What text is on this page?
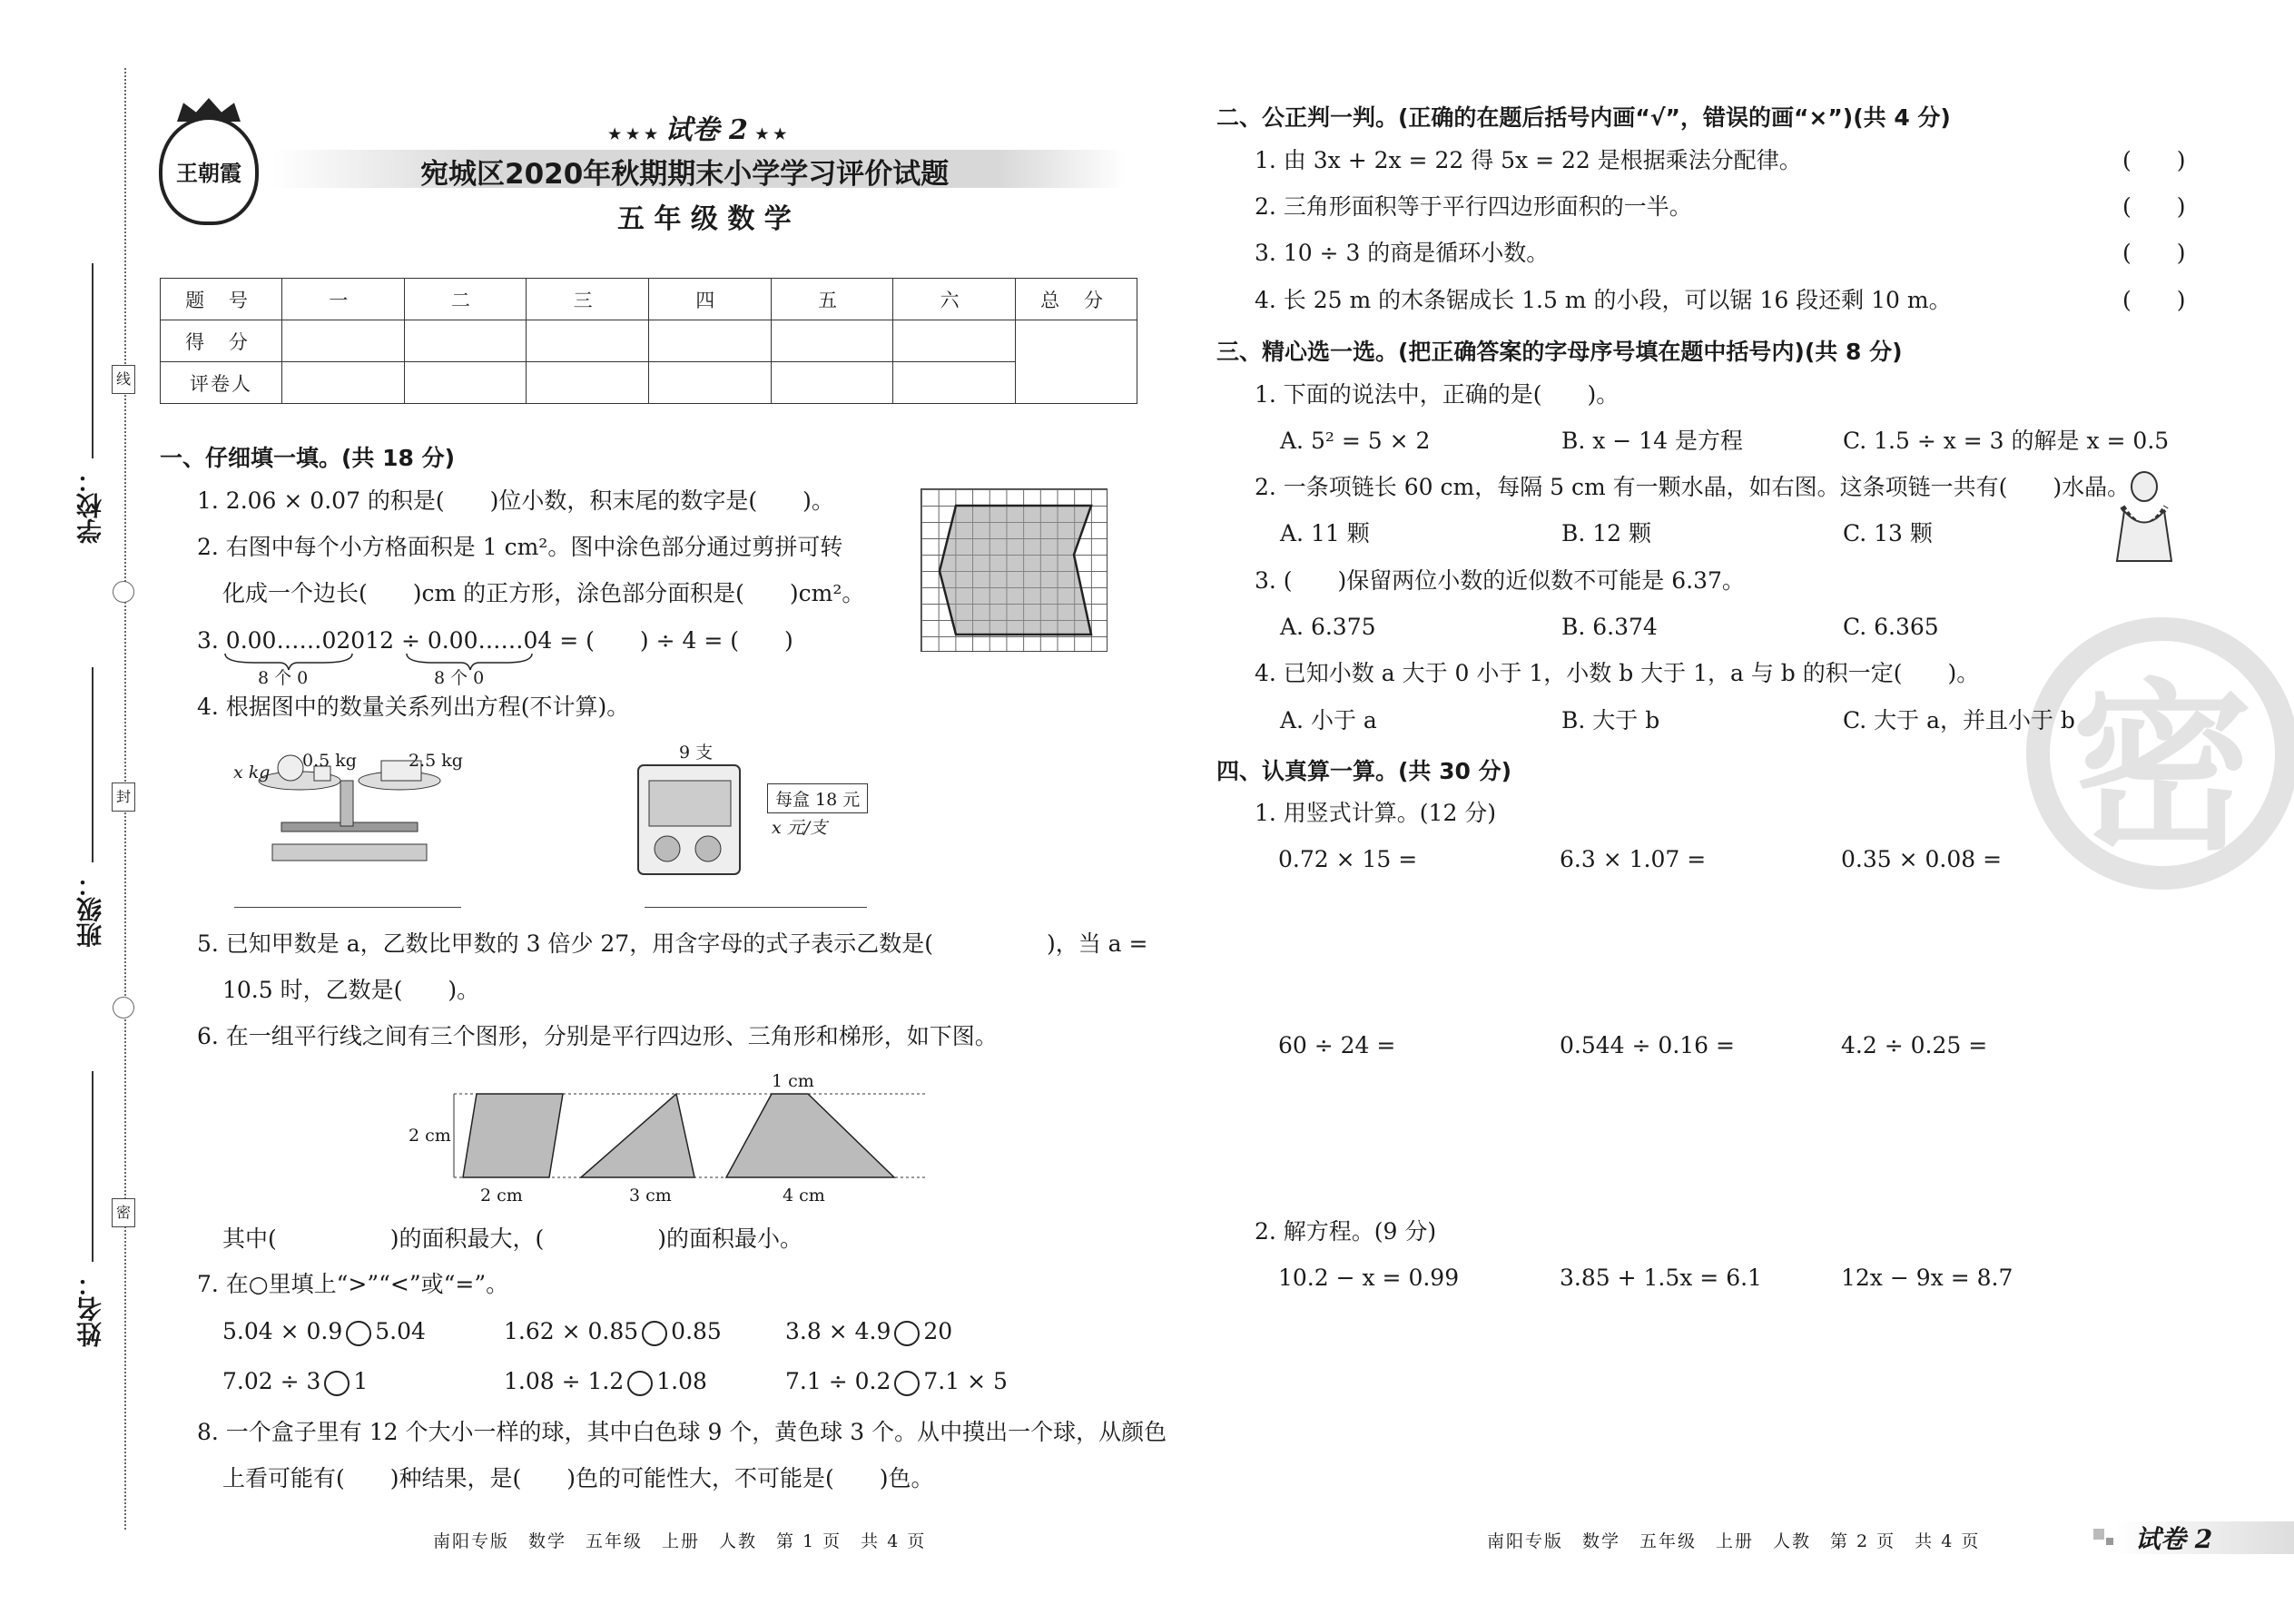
线
封
密
学校：
班级：
姓名：
王朝霞
★ ★ ★ 试卷 2 ★ ★
宛城区2020年秋期期末小学学习评价试题
五 年 级 数 学
题 号	一	二	三	四	五	六	总 分
得 分							
评卷人							
一、仔细填一填。(共 18 分)
1. 2.06 × 0.07 的积是(　　)位小数，积末尾的数字是(　　)。
2. 右图中每个小方格面积是 1 cm²。图中涂色部分通过剪拼可转
化成一个边长(　　)cm 的正方形，涂色部分面积是(　　)cm²。
3. 0.00……02012 ÷ 0.00……04 = (　　) ÷ 4 = (　　)
8 个 0	8 个 0
4. 根据图中的数量关系列出方程(不计算)。
x kg
0.5 kg	2.5 kg	9 支
每盒 18 元
x 元/支
5. 已知甲数是 a，乙数比甲数的 3 倍少 27，用含字母的式子表示乙数是(　　　　　)，当 a =
10.5 时，乙数是(　　)。
6. 在一组平行线之间有三个图形，分别是平行四边形、三角形和梯形，如下图。
2 cm
1 cm
2 cm	3 cm	4 cm
其中(　　　　　)的面积最大，(　　　　　)的面积最小。
7. 在○里填上“>”“<”或“=”。
5.04 × 0.9 5.04	1.62 × 0.85 0.85	3.8 × 4.9 20
7.02 ÷ 3 1	1.08 ÷ 1.2 1.08	7.1 ÷ 0.2 7.1 × 5
8. 一个盒子里有 12 个大小一样的球，其中白色球 9 个，黄色球 3 个。从中摸出一个球，从颜色
上看可能有(　　)种结果，是(　　)色的可能性大，不可能是(　　)色。
南阳专版　数学　五年级　上册　人教　第 1 页　共 4 页
密
二、公正判一判。(正确的在题后括号内画“√”，错误的画“×”)(共 4 分)
1. 由 3x + 2x = 22 得 5x = 22 是根据乘法分配律。
2. 三角形面积等于平行四边形面积的一半。
3. 10 ÷ 3 的商是循环小数。
4. 长 25 m 的木条锯成长 1.5 m 的小段，可以锯 16 段还剩 10 m。
(　　)
(　　)
(　　)
(　　)
三、精心选一选。(把正确答案的字母序号填在题中括号内)(共 8 分)
1. 下面的说法中，正确的是(　　)。
A. 5² = 5 × 2	B. x − 14 是方程	C. 1.5 ÷ x = 3 的解是 x = 0.5
2. 一条项链长 60 cm，每隔 5 cm 有一颗水晶，如右图。这条项链一共有(　　)水晶。
A. 11 颗	B. 12 颗	C. 13 颗
3. (　　)保留两位小数的近似数不可能是 6.37。
A. 6.375	B. 6.374	C. 6.365
4. 已知小数 a 大于 0 小于 1，小数 b 大于 1，a 与 b 的积一定(　　)。
A. 小于 a	B. 大于 b	C. 大于 a，并且小于 b
四、认真算一算。(共 30 分)
1. 用竖式计算。(12 分)
0.72 × 15 =	6.3 × 1.07 =	0.35 × 0.08 =
60 ÷ 24 =	0.544 ÷ 0.16 =	4.2 ÷ 0.25 =
2. 解方程。(9 分)
10.2 − x = 0.99	3.85 + 1.5x = 6.1	12x − 9x = 8.7
南阳专版　数学　五年级　上册　人教　第 2 页　共 4 页	试卷 2
